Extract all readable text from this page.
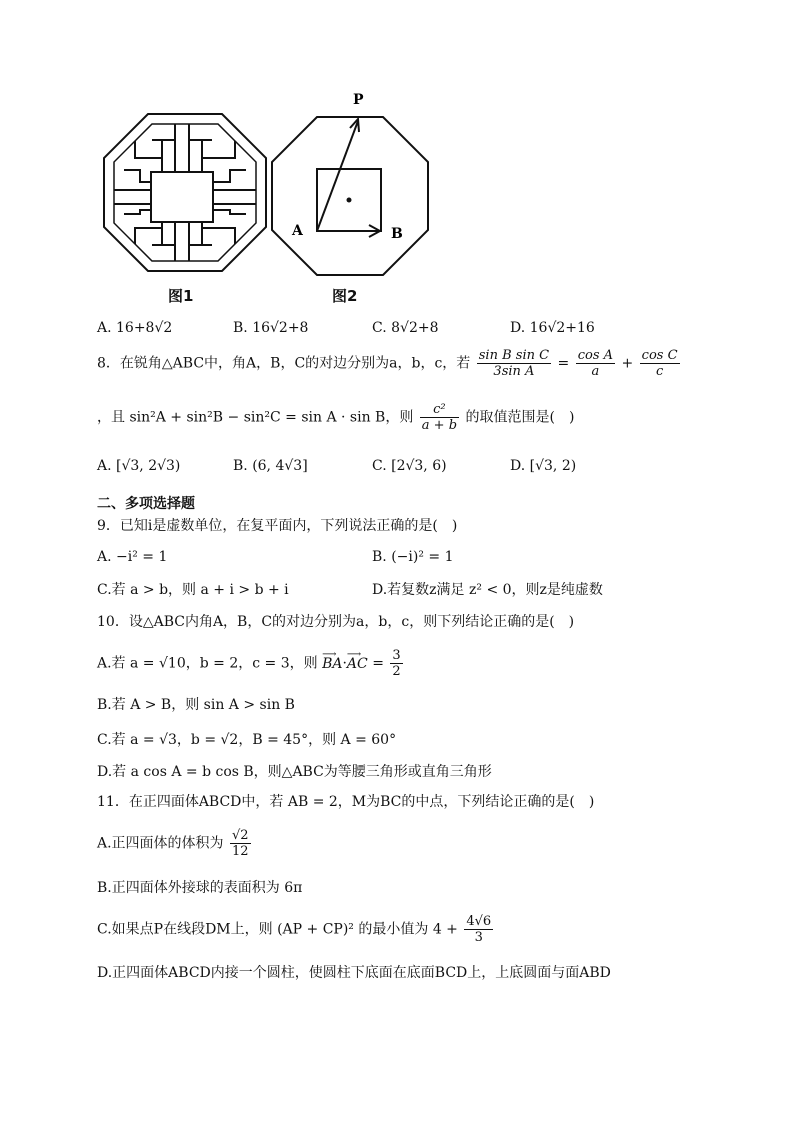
图1
P
A	B
图2
A. 16+8√2	B. 16√2+8	C. 8√2+8	D. 16√2+16
8．在锐角△ABC中，角A，B，C的对边分别为a，b，c，若 $\frac{\text{sin B sin C}}{\text{3sin A}} = \frac{\text{cos A}}{a} + \frac{\text{cos C}}{c}$
，且 sin²A + sin²B − sin²C = sin A · sin B，则 $\frac{\text{c²}}{a + b}$ 的取值范围是(　)
A. [√3, 2√3)	B. (6, 4√3]	C. [2√3, 6)	D. [√3, 2)
二、多项选择题
9．已知i是虚数单位，在复平面内，下列说法正确的是(　)
A. −i² = 1	B. (−i)² = 1
C.若 a > b，则 a + i > b + i	D.若复数z满足 z² < 0，则z是纯虚数
10．设△ABC内角A，B，C的对边分别为a，b，c，则下列结论正确的是(　)
A.若 a = √10，b = 2，c = 3，则 ⟶ BA·⟶ AC = $\frac{3}{2}$
B.若 A > B，则 sin A > sin B
C.若 a = √3，b = √2，B = 45°，则 A = 60°
D.若 a cos A = b cos B，则△ABC为等腰三角形或直角三角形
11．在正四面体ABCD中，若 AB = 2，M为BC的中点，下列结论正确的是(　)
A.正四面体的体积为 $\frac{√2}{12}$
B.正四面体外接球的表面积为 6π
C.如果点P在线段DM上，则 (AP + CP)² 的最小值为 $4 + \frac{4√6}{3}$
D.正四面体ABCD内接一个圆柱，使圆柱下底面在底面BCD上，上底圆面与面ABD
